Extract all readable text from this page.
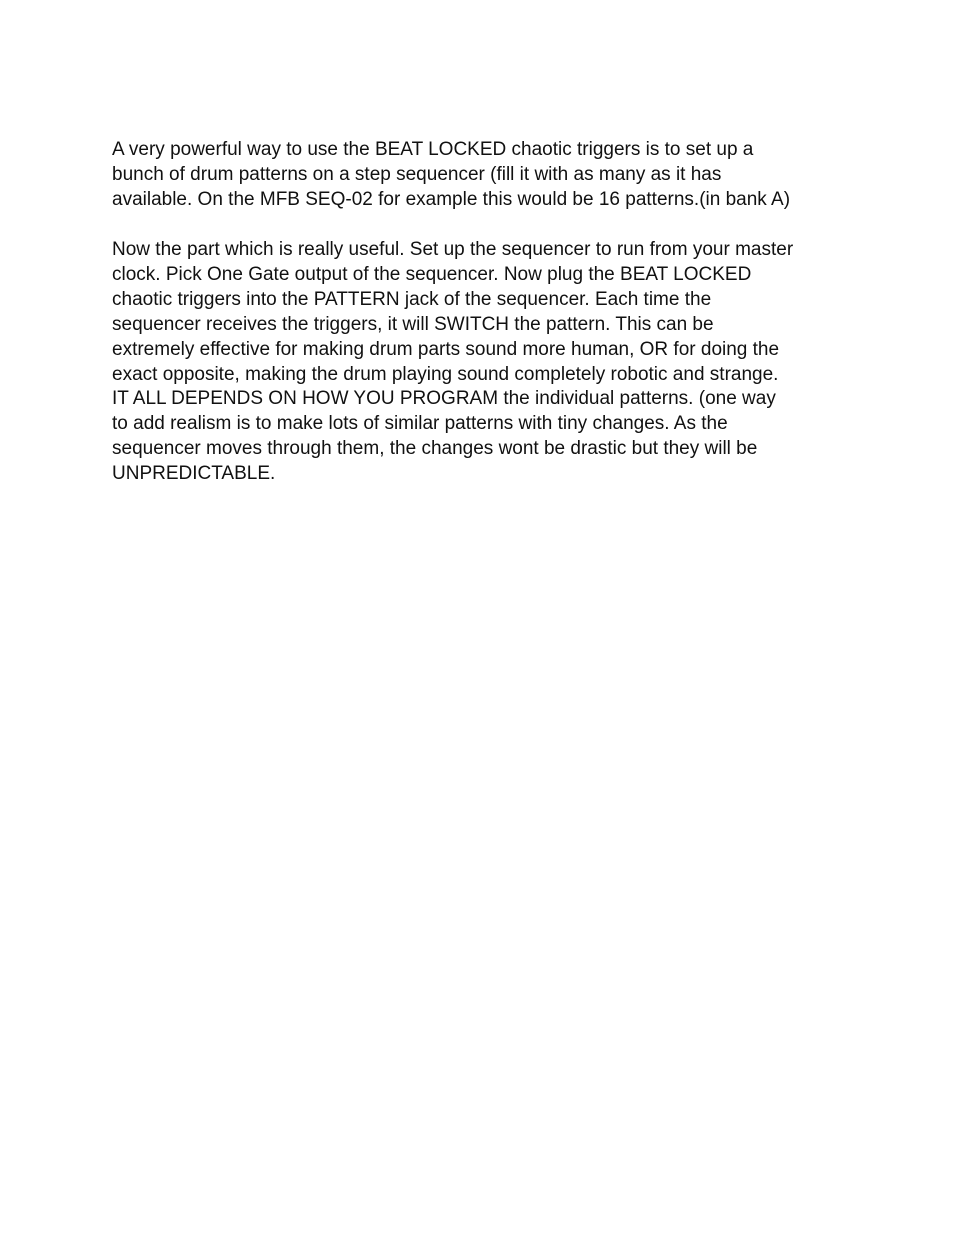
A very powerful way to use the BEAT LOCKED chaotic triggers is to set up a
bunch of drum patterns on a step sequencer (fill it with as many as it has
available. On the MFB SEQ-02 for example this would be 16 patterns.(in bank A)
Now the part which is really useful. Set up the sequencer to run from your master
clock. Pick One Gate output of the sequencer. Now plug the BEAT LOCKED
chaotic triggers into the PATTERN jack of the sequencer. Each time the
sequencer receives the triggers, it will SWITCH the pattern. This can be
extremely effective for making drum parts sound more human, OR for doing the
exact opposite, making the drum playing sound completely robotic and strange.
IT ALL DEPENDS ON HOW YOU PROGRAM the individual patterns. (one way
to add realism is to make lots of similar patterns with tiny changes. As the
sequencer moves through them, the changes wont be drastic but they will be
UNPREDICTABLE.
